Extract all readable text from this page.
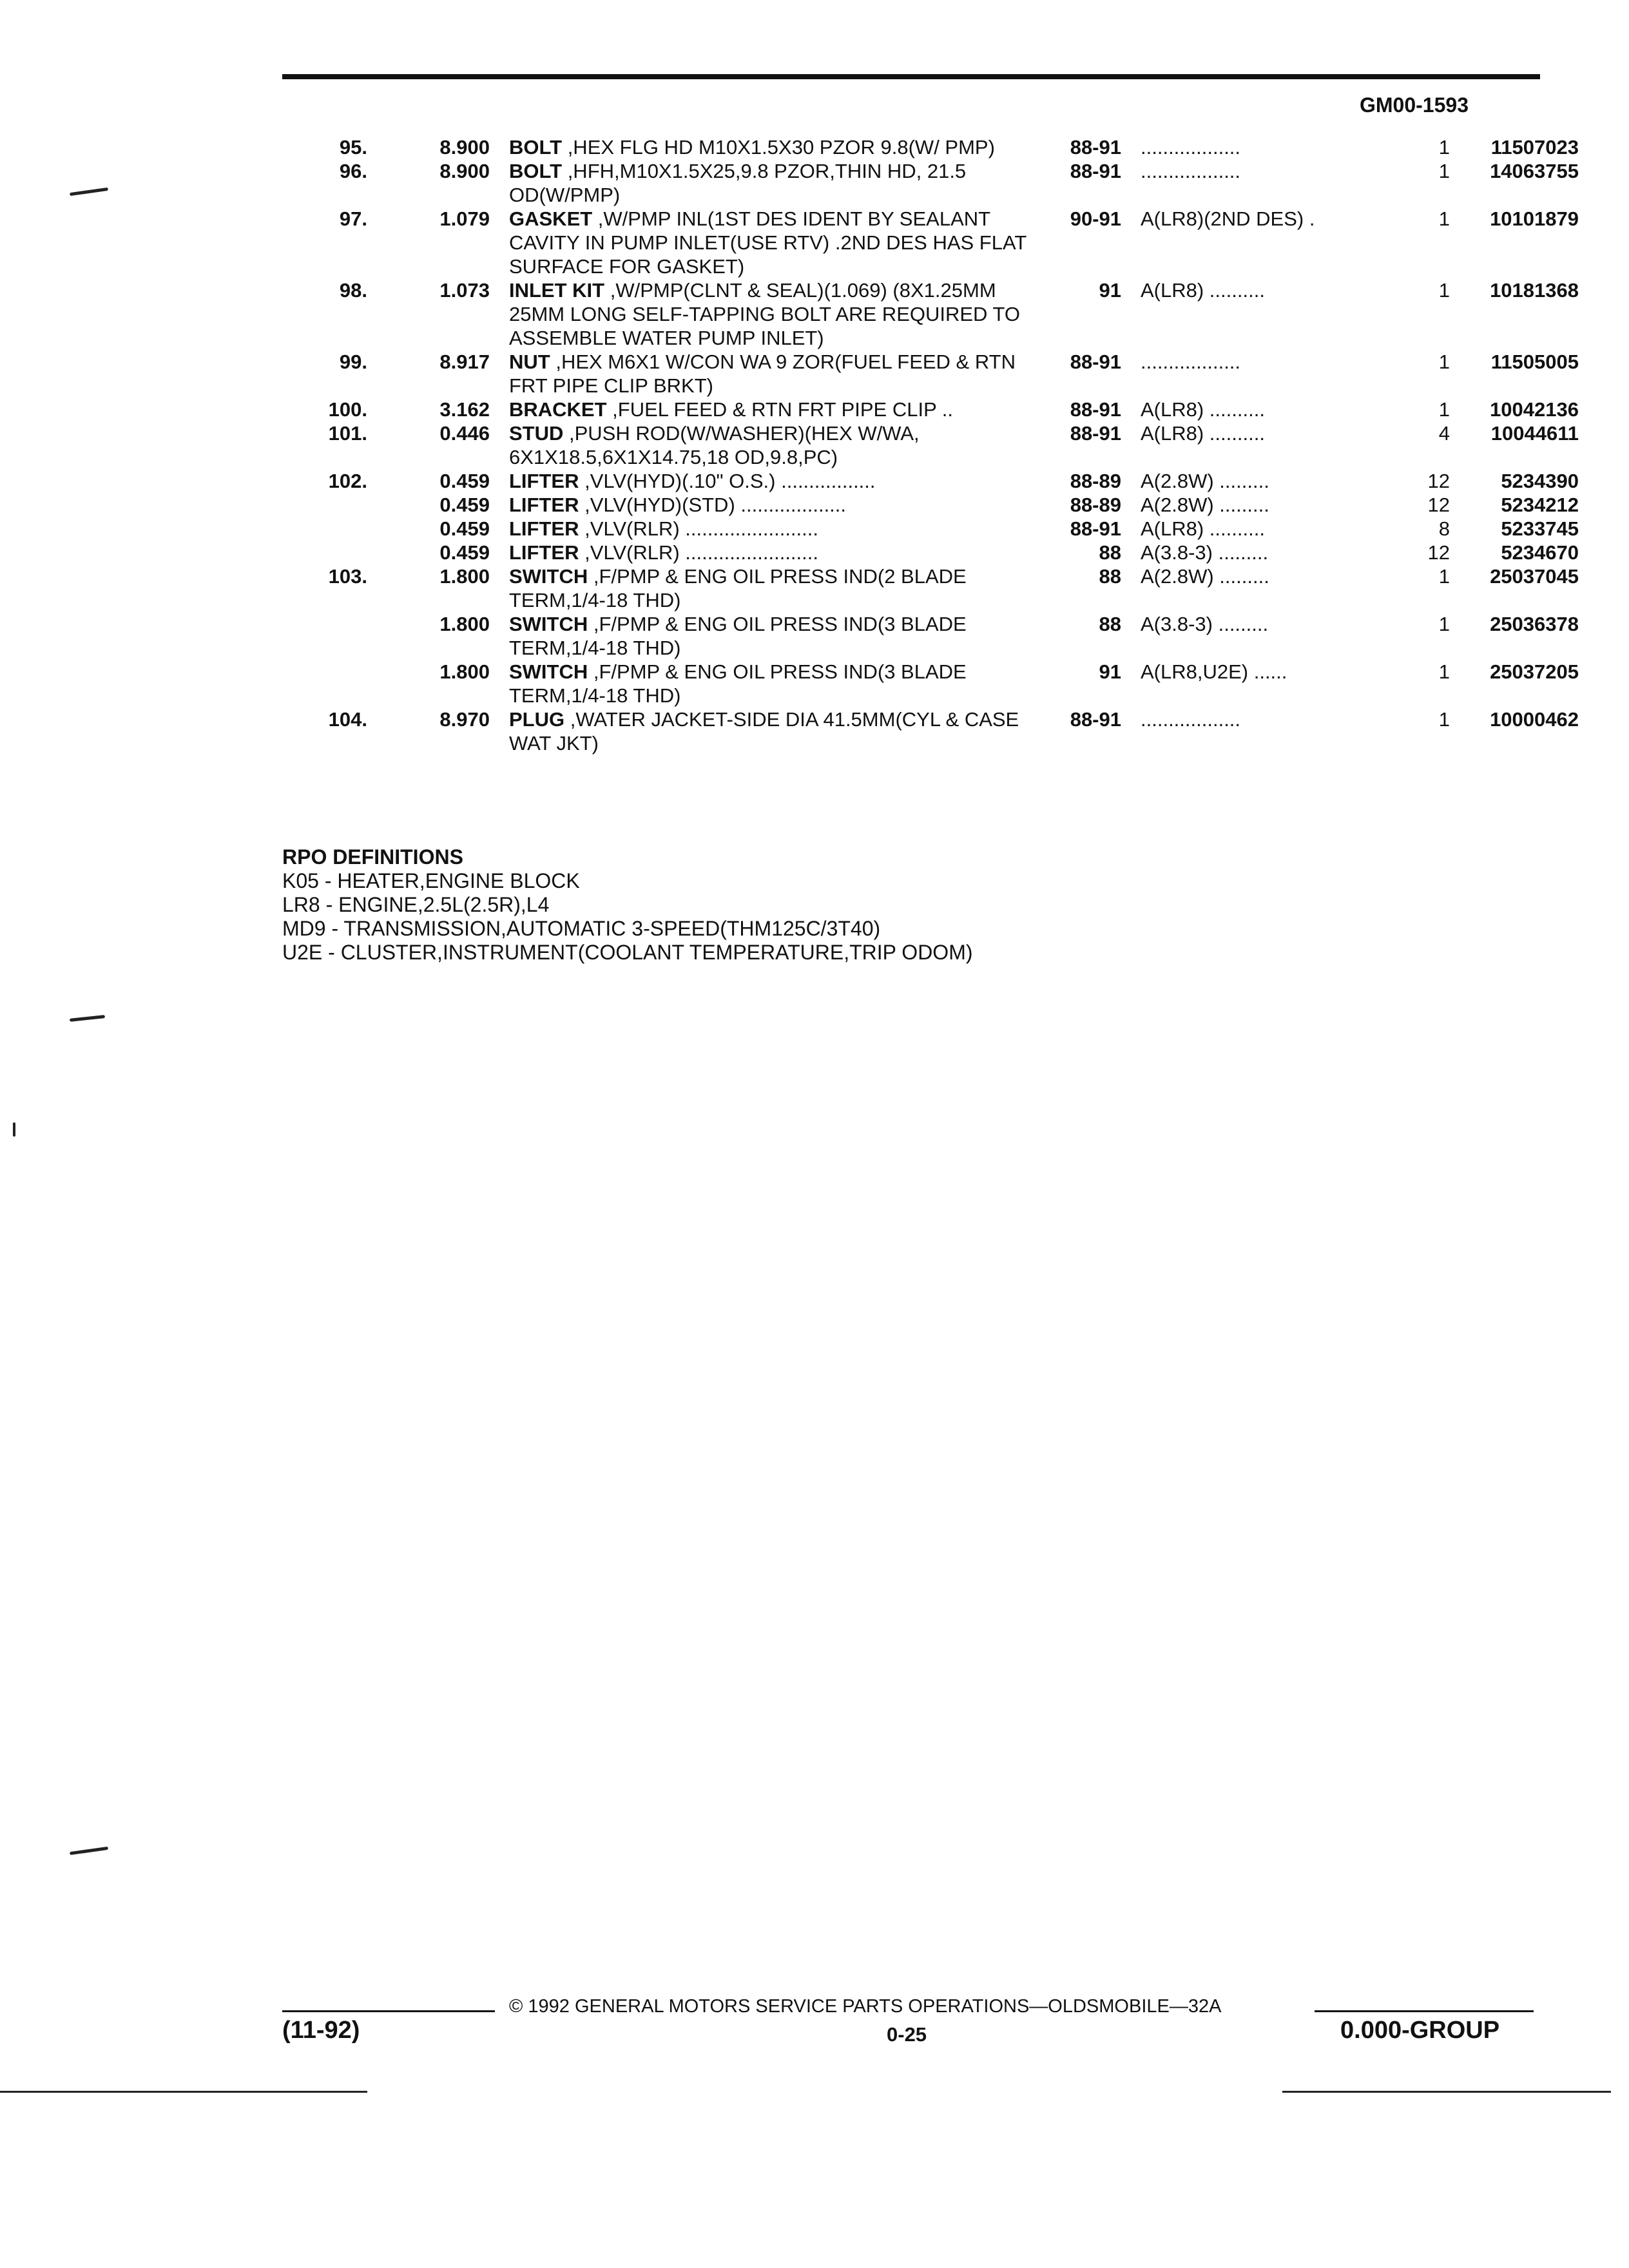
GM00-1593
95.	8.900	BOLT ,HEX FLG HD M10X1.5X30 PZOR 9.8(W/ PMP)	88-91	..................	1	11507023
96.	8.900	BOLT ,HFH,M10X1.5X25,9.8 PZOR,THIN HD, 21.5 OD(W/PMP)	88-91	..................	1	14063755
97.	1.079	GASKET ,W/PMP INL(1ST DES IDENT BY SEALANT CAVITY IN PUMP INLET(USE RTV) .2ND DES HAS FLAT SURFACE FOR GASKET)	90-91	A(LR8)(2ND DES) .	1	10101879
98.	1.073	INLET KIT ,W/PMP(CLNT & SEAL)(1.069) (8X1.25MM 25MM LONG SELF-TAPPING BOLT ARE REQUIRED TO ASSEMBLE WATER PUMP INLET)	91	A(LR8) ..........	1	10181368
99.	8.917	NUT ,HEX M6X1 W/CON WA 9 ZOR(FUEL FEED & RTN FRT PIPE CLIP BRKT)	88-91	..................	1	11505005
100.	3.162	BRACKET ,FUEL FEED & RTN FRT PIPE CLIP ..	88-91	A(LR8) ..........	1	10042136
101.	0.446	STUD ,PUSH ROD(W/WASHER)(HEX W/WA, 6X1X18.5,6X1X14.75,18 OD,9.8,PC)	88-91	A(LR8) ..........	4	10044611
102.	0.459	LIFTER ,VLV(HYD)(.10" O.S.) .................	88-89	A(2.8W) .........	12	5234390
	0.459	LIFTER ,VLV(HYD)(STD) ...................	88-89	A(2.8W) .........	12	5234212
	0.459	LIFTER ,VLV(RLR) ........................	88-91	A(LR8) ..........	8	5233745
	0.459	LIFTER ,VLV(RLR) ........................	88	A(3.8-3) .........	12	5234670
103.	1.800	SWITCH ,F/PMP & ENG OIL PRESS IND(2 BLADE TERM,1/4-18 THD)	88	A(2.8W) .........	1	25037045
	1.800	SWITCH ,F/PMP & ENG OIL PRESS IND(3 BLADE TERM,1/4-18 THD)	88	A(3.8-3) .........	1	25036378
	1.800	SWITCH ,F/PMP & ENG OIL PRESS IND(3 BLADE TERM,1/4-18 THD)	91	A(LR8,U2E) ......	1	25037205
104.	8.970	PLUG ,WATER JACKET-SIDE DIA 41.5MM(CYL & CASE WAT JKT)	88-91	..................	1	10000462
RPO DEFINITIONS
K05 - HEATER,ENGINE BLOCK
LR8 - ENGINE,2.5L(2.5R),L4
MD9 - TRANSMISSION,AUTOMATIC 3-SPEED(THM125C/3T40)
U2E - CLUSTER,INSTRUMENT(COOLANT TEMPERATURE,TRIP ODOM)
© 1992 GENERAL MOTORS SERVICE PARTS OPERATIONS—OLDSMOBILE—32A
(11-92)	0-25	0.000-GROUP
